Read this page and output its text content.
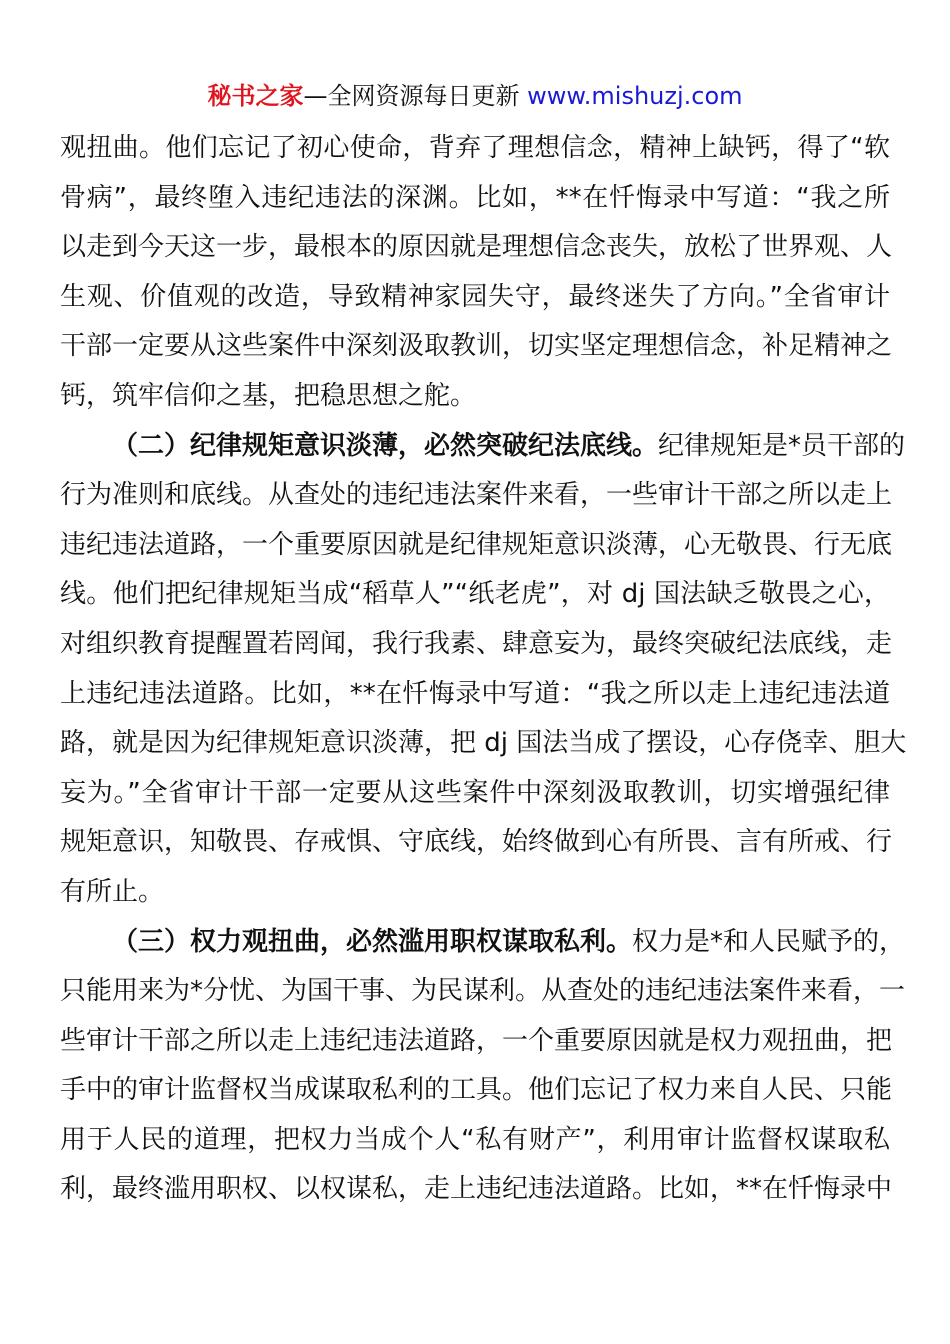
秘书之家—全网资源每日更新 www.mishuzj.com
观扭曲。他们忘记了初心使命，背弃了理想信念，精神上缺钙，得了“软
骨病”，最终堕入违纪违法的深渊。比如，**在忏悔录中写道：“我之所
以走到今天这一步，最根本的原因就是理想信念丧失，放松了世界观、人
生观、价值观的改造，导致精神家园失守，最终迷失了方向。”全省审计
干部一定要从这些案件中深刻汲取教训，切实坚定理想信念，补足精神之
钙，筑牢信仰之基，把稳思想之舵。
（二）纪律规矩意识淡薄，必然突破纪法底线。纪律规矩是*员干部的
行为准则和底线。从查处的违纪违法案件来看，一些审计干部之所以走上
违纪违法道路，一个重要原因就是纪律规矩意识淡薄，心无敬畏、行无底
线。他们把纪律规矩当成“稻草人”“纸老虎”，对 dj 国法缺乏敬畏之心，
对组织教育提醒置若罔闻，我行我素、肆意妄为，最终突破纪法底线，走
上违纪违法道路。比如，**在忏悔录中写道：“我之所以走上违纪违法道
路，就是因为纪律规矩意识淡薄，把 dj 国法当成了摆设，心存侥幸、胆大
妄为。”全省审计干部一定要从这些案件中深刻汲取教训，切实增强纪律
规矩意识，知敬畏、存戒惧、守底线，始终做到心有所畏、言有所戒、行
有所止。
（三）权力观扭曲，必然滥用职权谋取私利。权力是*和人民赋予的，
只能用来为*分忧、为国干事、为民谋利。从查处的违纪违法案件来看，一
些审计干部之所以走上违纪违法道路，一个重要原因就是权力观扭曲，把
手中的审计监督权当成谋取私利的工具。他们忘记了权力来自人民、只能
用于人民的道理，把权力当成个人“私有财产”，利用审计监督权谋取私
利，最终滥用职权、以权谋私，走上违纪违法道路。比如，**在忏悔录中
